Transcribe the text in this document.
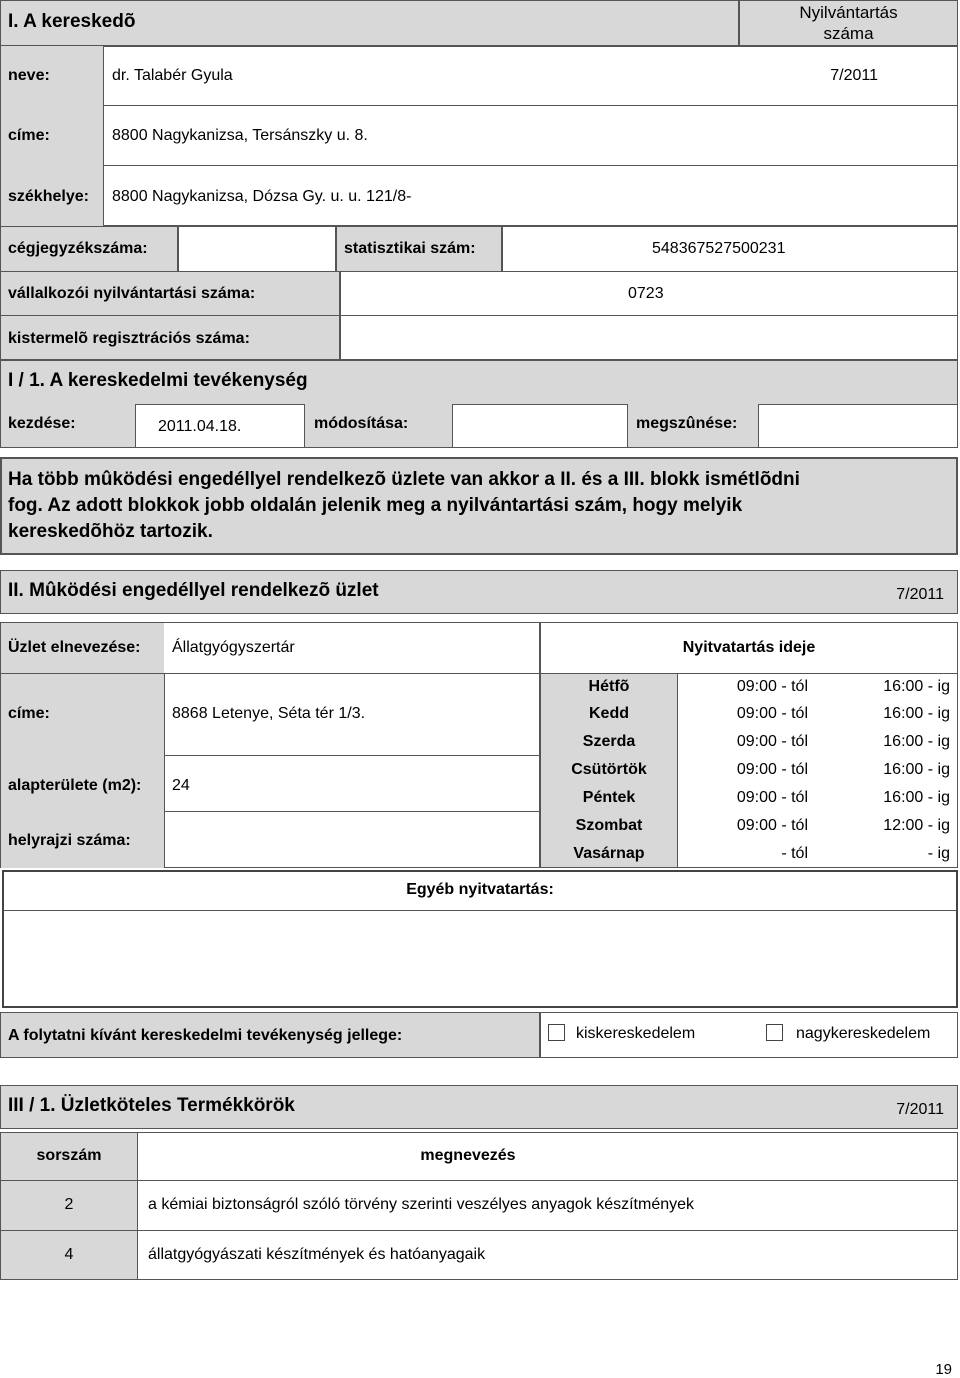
I. A kereskedõ	Nyilvántartás
száma
neve:	dr. Talabér Gyula	7/2011
címe:	8800 Nagykanizsa, Tersánszky u. 8.
székhelye: 8800 Nagykanizsa, Dózsa Gy. u. u. 121/8-
cégjegyzékszáma:	statisztikai szám:	548367527500231
vállalkozói nyilvántartási száma:	0723
kistermelõ regisztrációs száma:
I / 1. A kereskedelmi tevékenység
kezdése:	2011.04.18.	módosítása:	megszûnése:
Ha több mûködési engedéllyel rendelkezõ üzlete van akkor a II. és a III. blokk ismétlõdni
fog. Az adott blokkok jobb oldalán jelenik meg a nyilvántartási szám, hogy melyik
kereskedõhöz tartozik.
II. Mûködési engedéllyel rendelkezõ üzlet	7/2011
Üzlet elnevezése: Állatgyógyszertár
címe:	8868 Letenye, Séta tér 1/3.
alapterülete (m2): 24
helyrajzi száma:
Nyitvatartás ideje
Hétfõ	09:00 - tól	16:00 - ig
Kedd	09:00 - tól	16:00 - ig
Szerda	09:00 - tól	16:00 - ig
Csütörtök	09:00 - tól	16:00 - ig
Péntek	09:00 - tól	16:00 - ig
Szombat	09:00 - tól	12:00 - ig
Vasárnap	- tól	- ig
Egyéb nyitvatartás:
A folytatni kívánt kereskedelmi tevékenység jellege:	kiskereskedelem	nagykereskedelem
III / 1. Üzletköteles Termékkörök	7/2011
sorszám	megnevezés
2	a kémiai biztonságról szóló törvény szerinti veszélyes anyagok készítmények
4	állatgyógyászati készítmények és hatóanyagaik
19
